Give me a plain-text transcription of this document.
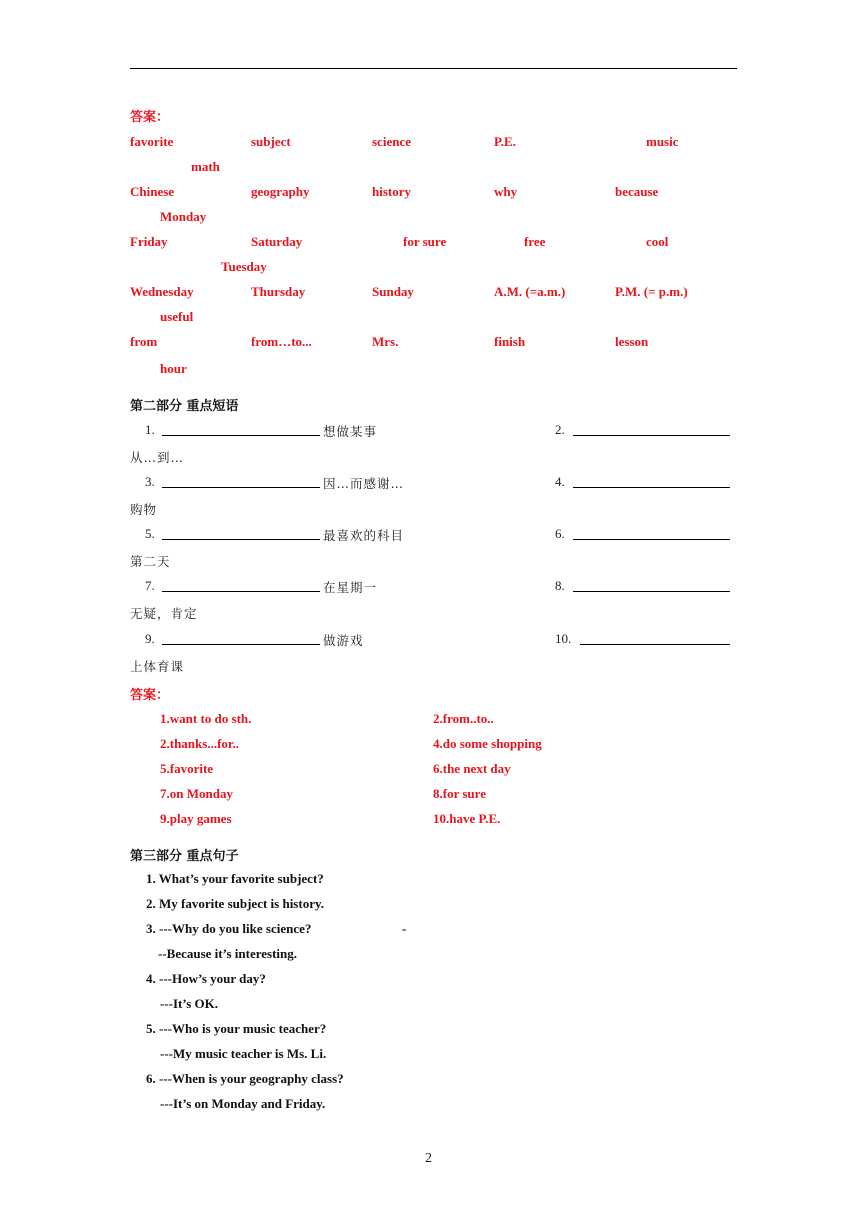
答案：
favorite	subject	science	P.E.	music
math
Chinese	geography	history	why	because
Monday
Friday	Saturday	for sure	free	cool
Tuesday
Wednesday	Thursday	Sunday	A.M. (=a.m.)	P.M. (= p.m.)
useful
from	from…to...	Mrs.	finish	lesson
hour
第二部分 重点短语
1.	想做某事	2.
从…到…
3.	因…而感谢…	4.
购物
5.	最喜欢的科目	6.
第二天
7.	在星期一	8.
无疑，肯定
9.	做游戏	10.
上体育课
答案：
1.want to do sth.	2.from..to..
2.thanks...for..	4.do some shopping
5.favorite	6.the next day
7.on Monday	8.for sure
9.play games	10.have P.E.
第三部分 重点句子
1. What’s your favorite subject?
2. My favorite subject is history.
3. ---Why do you like science?	-
--Because it’s interesting.
4. ---How’s your day?
---It’s OK.
5. ---Who is your music teacher?
---My music teacher is Ms. Li.
6. ---When is your geography class?
---It’s on Monday and Friday.
2
